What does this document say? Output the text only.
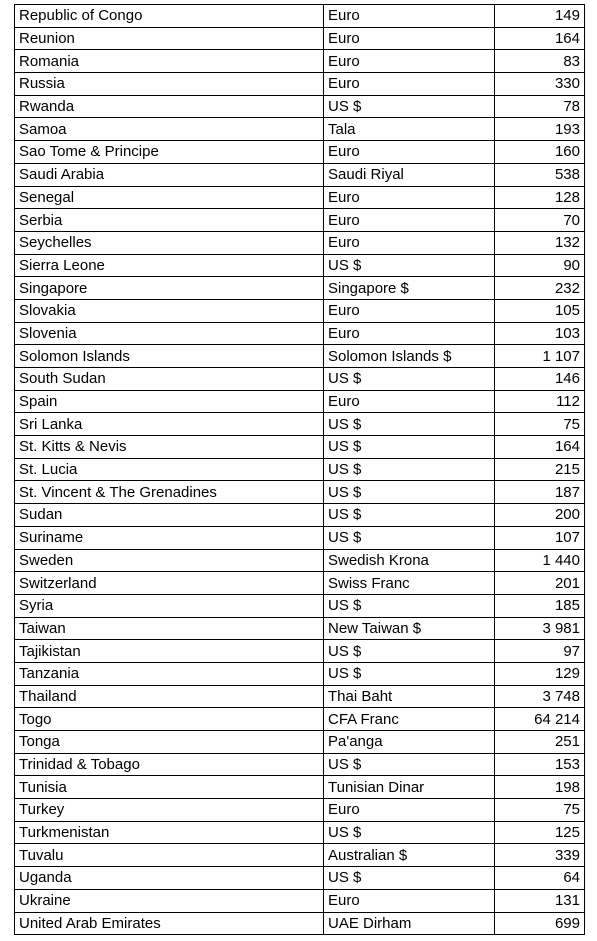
Republic of Congo	Euro	149
Reunion	Euro	164
Romania	Euro	83
Russia	Euro	330
Rwanda	US $	78
Samoa	Tala	193
Sao Tome & Principe	Euro	160
Saudi Arabia	Saudi Riyal	538
Senegal	Euro	128
Serbia	Euro	70
Seychelles	Euro	132
Sierra Leone	US $	90
Singapore	Singapore $	232
Slovakia	Euro	105
Slovenia	Euro	103
Solomon Islands	Solomon Islands $	1 107
South Sudan	US $	146
Spain	Euro	112
Sri Lanka	US $	75
St. Kitts & Nevis	US $	164
St. Lucia	US $	215
St. Vincent & The Grenadines	US $	187
Sudan	US $	200
Suriname	US $	107
Sweden	Swedish Krona	1 440
Switzerland	Swiss Franc	201
Syria	US $	185
Taiwan	New Taiwan $	3 981
Tajikistan	US $	97
Tanzania	US $	129
Thailand	Thai Baht	3 748
Togo	CFA Franc	64 214
Tonga	Pa'anga	251
Trinidad & Tobago	US $	153
Tunisia	Tunisian Dinar	198
Turkey	Euro	75
Turkmenistan	US $	125
Tuvalu	Australian $	339
Uganda	US $	64
Ukraine	Euro	131
United Arab Emirates	UAE Dirham	699
